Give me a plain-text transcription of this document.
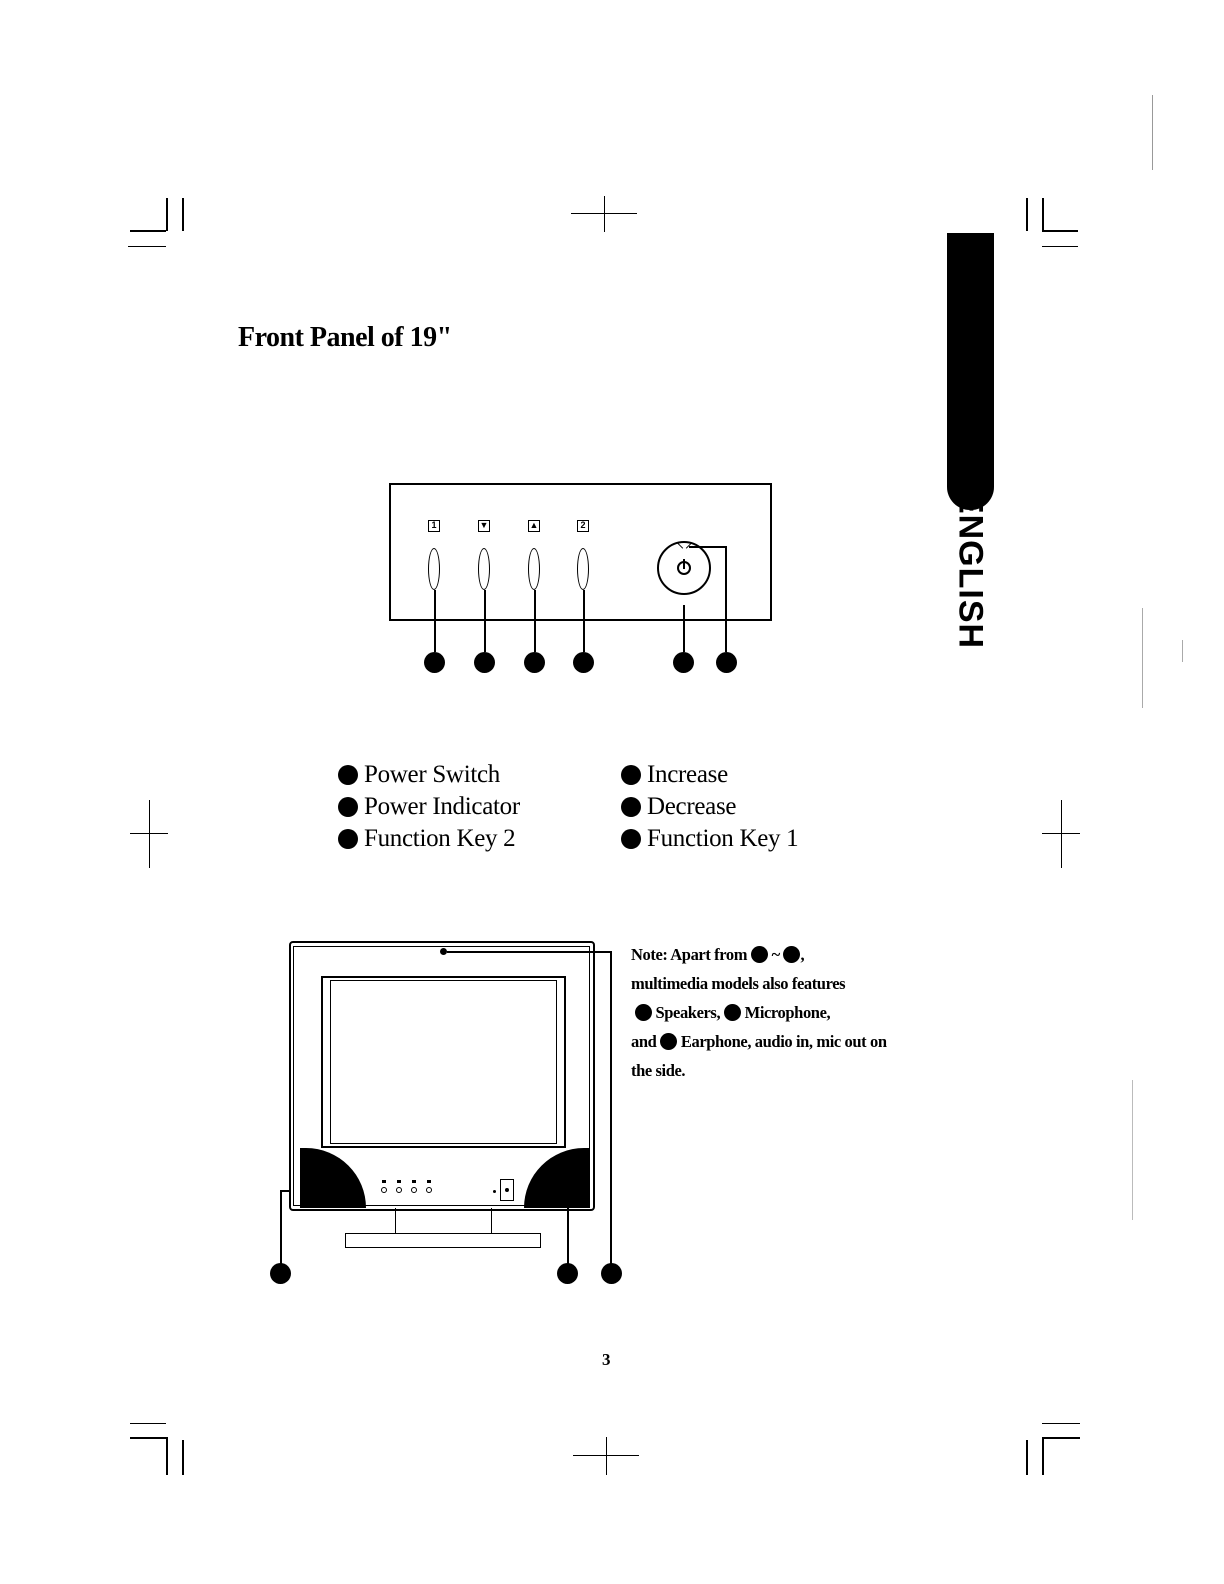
Front Panel of 19"
ENGLISH
1	▼	▲	2
Power Switch
Power Indicator
Function Key 2
Increase
Decrease
Function Key 1
Note: Apart from ~ ,
multimedia models also features
Speakers, Microphone,
and Earphone, audio in, mic out on the side.
3
